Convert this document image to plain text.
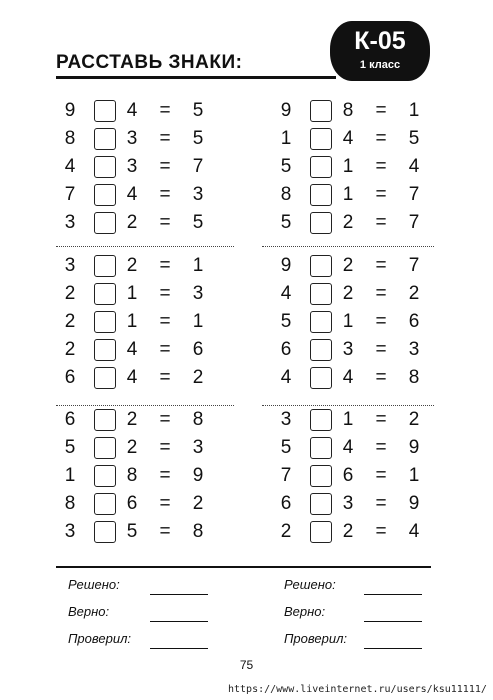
РАССТАВЬ ЗНАКИ:
К-05
1 класс
9	4 = 5
8	3 = 5
4	3 = 7
7	4 = 3
3	2 = 5
3	2 = 1
2	1 = 3
2	1 = 1
2	4 = 6
6	4 = 2
6	2 = 8
5	2 = 3
1	8 = 9
8	6 = 2
3	5 = 8
9	8 = 1
1	4 = 5
5	1 = 4
8	1 = 7
5	2 = 7
9	2 = 7
4	2 = 2
5	1 = 6
6	3 = 3
4	4 = 8
3	1 = 2
5	4 = 9
7	6 = 1
6	3 = 9
2	2 = 4
Решено:
Верно:
Проверил:
Решено:
Верно:
Проверил:
75
https://www.liveinternet.ru/users/ksu11111/
